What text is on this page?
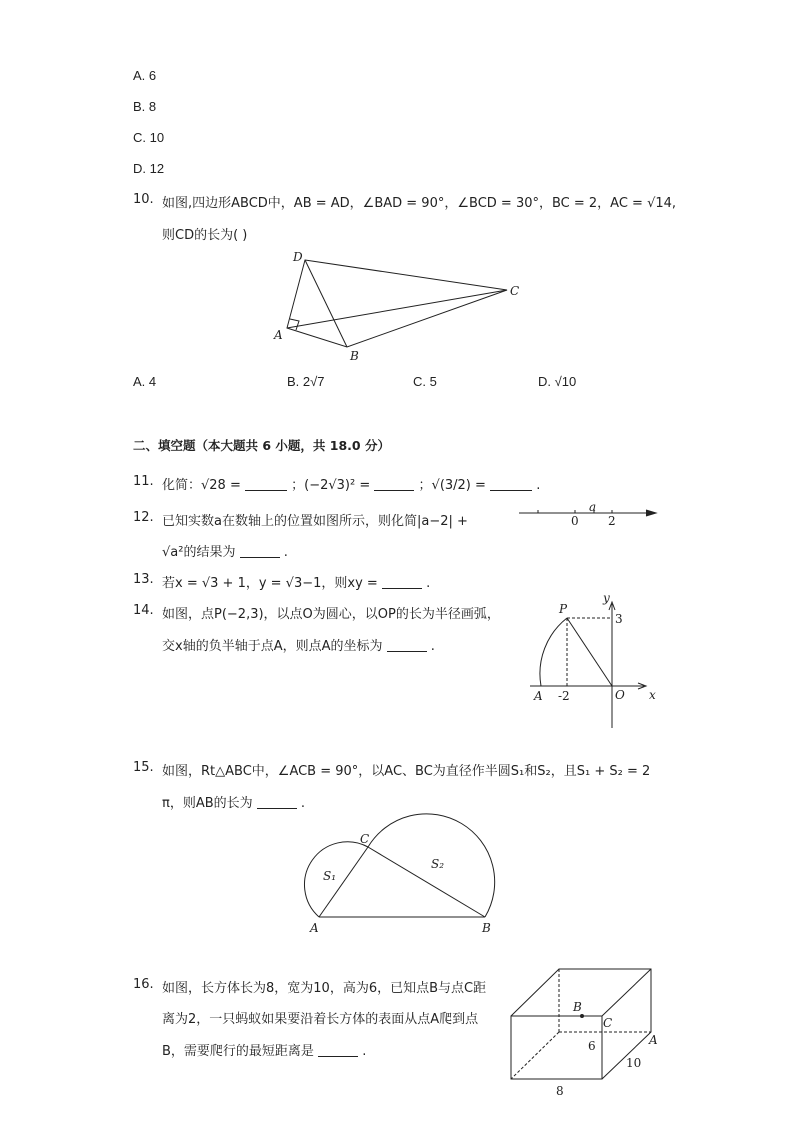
A. 6
B. 8
C. 10
D. 12
10. 如图,四边形ABCD中，AB = AD，∠BAD = 90°，∠BCD = 30°，BC = 2，AC = √14,
则CD的长为( )
D
C
A
B
A. 4	B. 2√7	C. 5	D. √10
二、填空题（本大题共 6 小题，共 18.0 分）
11. 化简：√28 =	；(−2√3)² =	；√(3/2) =	.
12. 已知实数a在数轴上的位置如图所示，则化简|a−2| +
√a²的结果为	.
0 2
a
13. 若x = √3 + 1，y = √3−1，则xy =	.
14. 如图，点P(−2,3)，以点O为圆心，以OP的长为半径画弧，
交x轴的负半轴于点A，则点A的坐标为	.
P
y
3
A -2	O x
15. 如图，Rt△ABC中，∠ACB = 90°，以AC、BC为直径作半圆S₁和S₂，且S₁ + S₂ = 2
π，则AB的长为	.
C
S₁
S₂
A	B
16. 如图，长方体长为8，宽为10，高为6，已知点B与点C距
离为2，一只蚂蚁如果要沿着长方体的表面从点A爬到点
B，需要爬行的最短距离是	.
B
C
6	A
10
8
